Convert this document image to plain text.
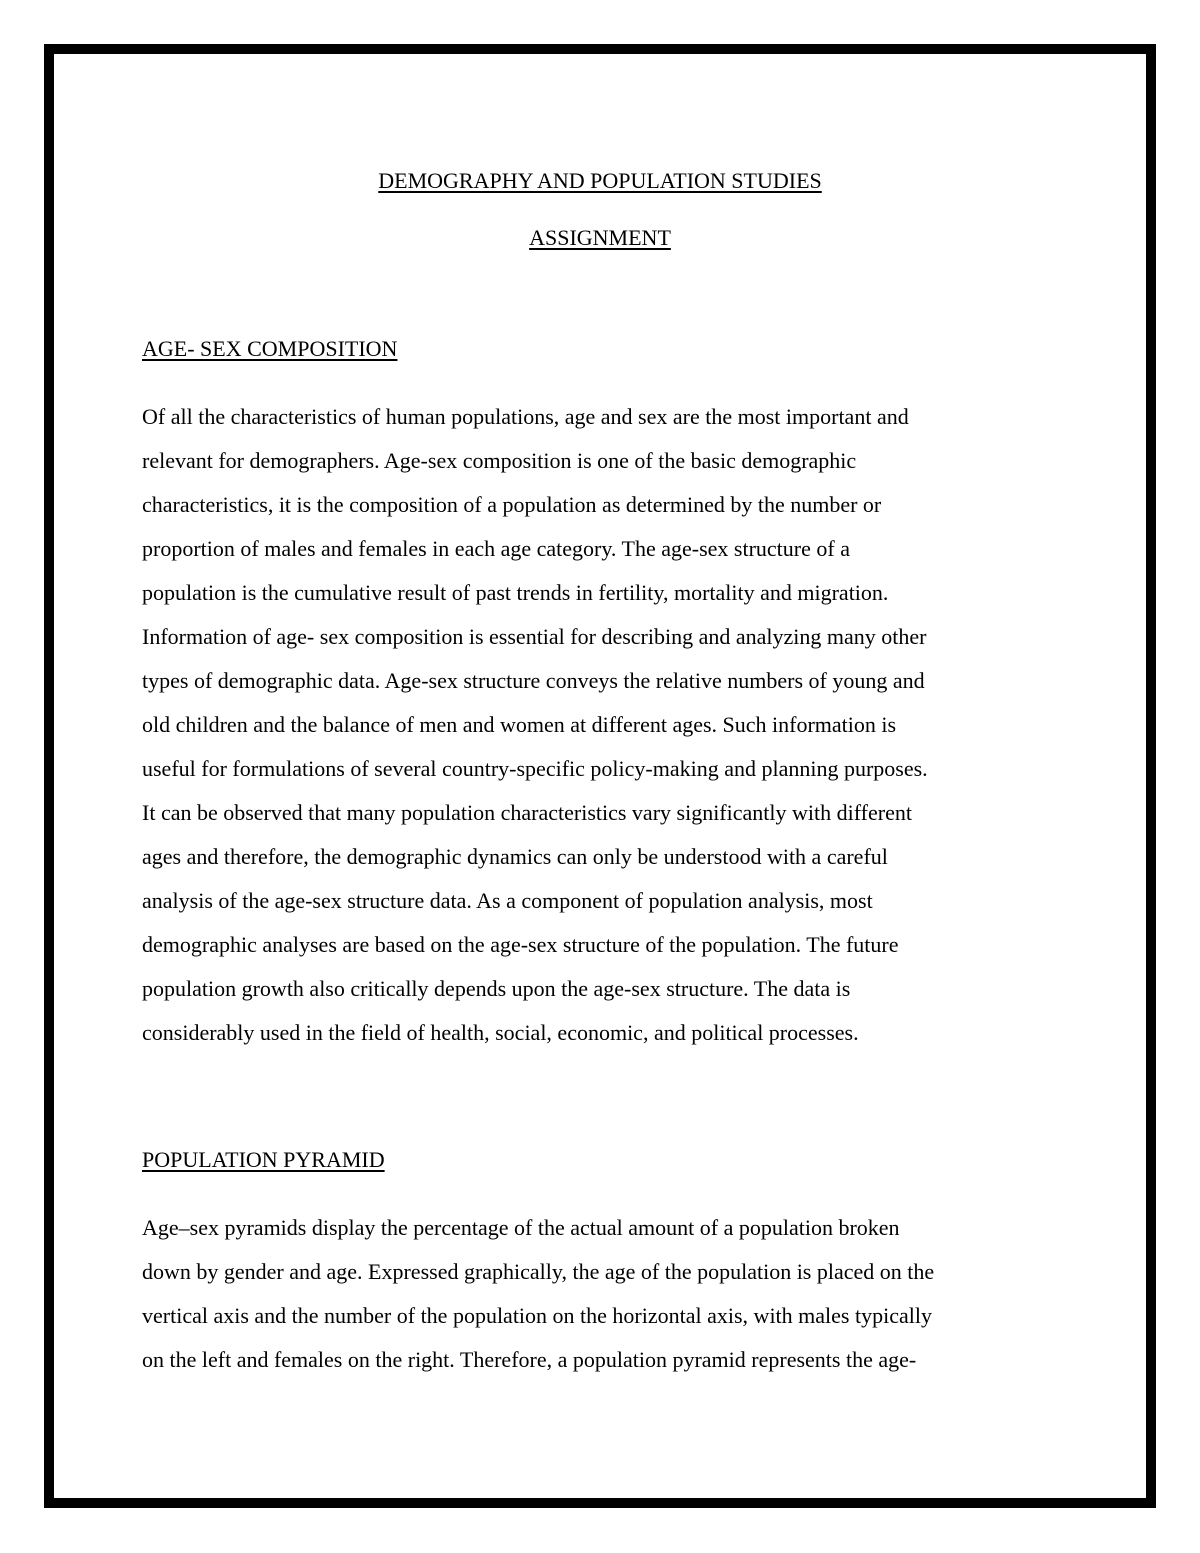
DEMOGRAPHY AND POPULATION STUDIES
ASSIGNMENT
AGE- SEX COMPOSITION
Of all the characteristics of human populations, age and sex are the most important and
relevant for demographers. Age-sex composition is one of the basic demographic
characteristics, it is the composition of a population as determined by the number or
proportion of males and females in each age category. The age-sex structure of a
population is the cumulative result of past trends in fertility, mortality and migration.
Information of age- sex composition is essential for describing and analyzing many other
types of demographic data. Age-sex structure conveys the relative numbers of young and
old children and the balance of men and women at different ages. Such information is
useful for formulations of several country-specific policy-making and planning purposes.
It can be observed that many population characteristics vary significantly with different
ages and therefore, the demographic dynamics can only be understood with a careful
analysis of the age-sex structure data. As a component of population analysis, most
demographic analyses are based on the age-sex structure of the population. The future
population growth also critically depends upon the age-sex structure. The data is
considerably used in the field of health, social, economic, and political processes.
POPULATION PYRAMID
Age–sex pyramids display the percentage of the actual amount of a population broken
down by gender and age. Expressed graphically, the age of the population is placed on the
vertical axis and the number of the population on the horizontal axis, with males typically
on the left and females on the right. Therefore, a population pyramid represents the age-
